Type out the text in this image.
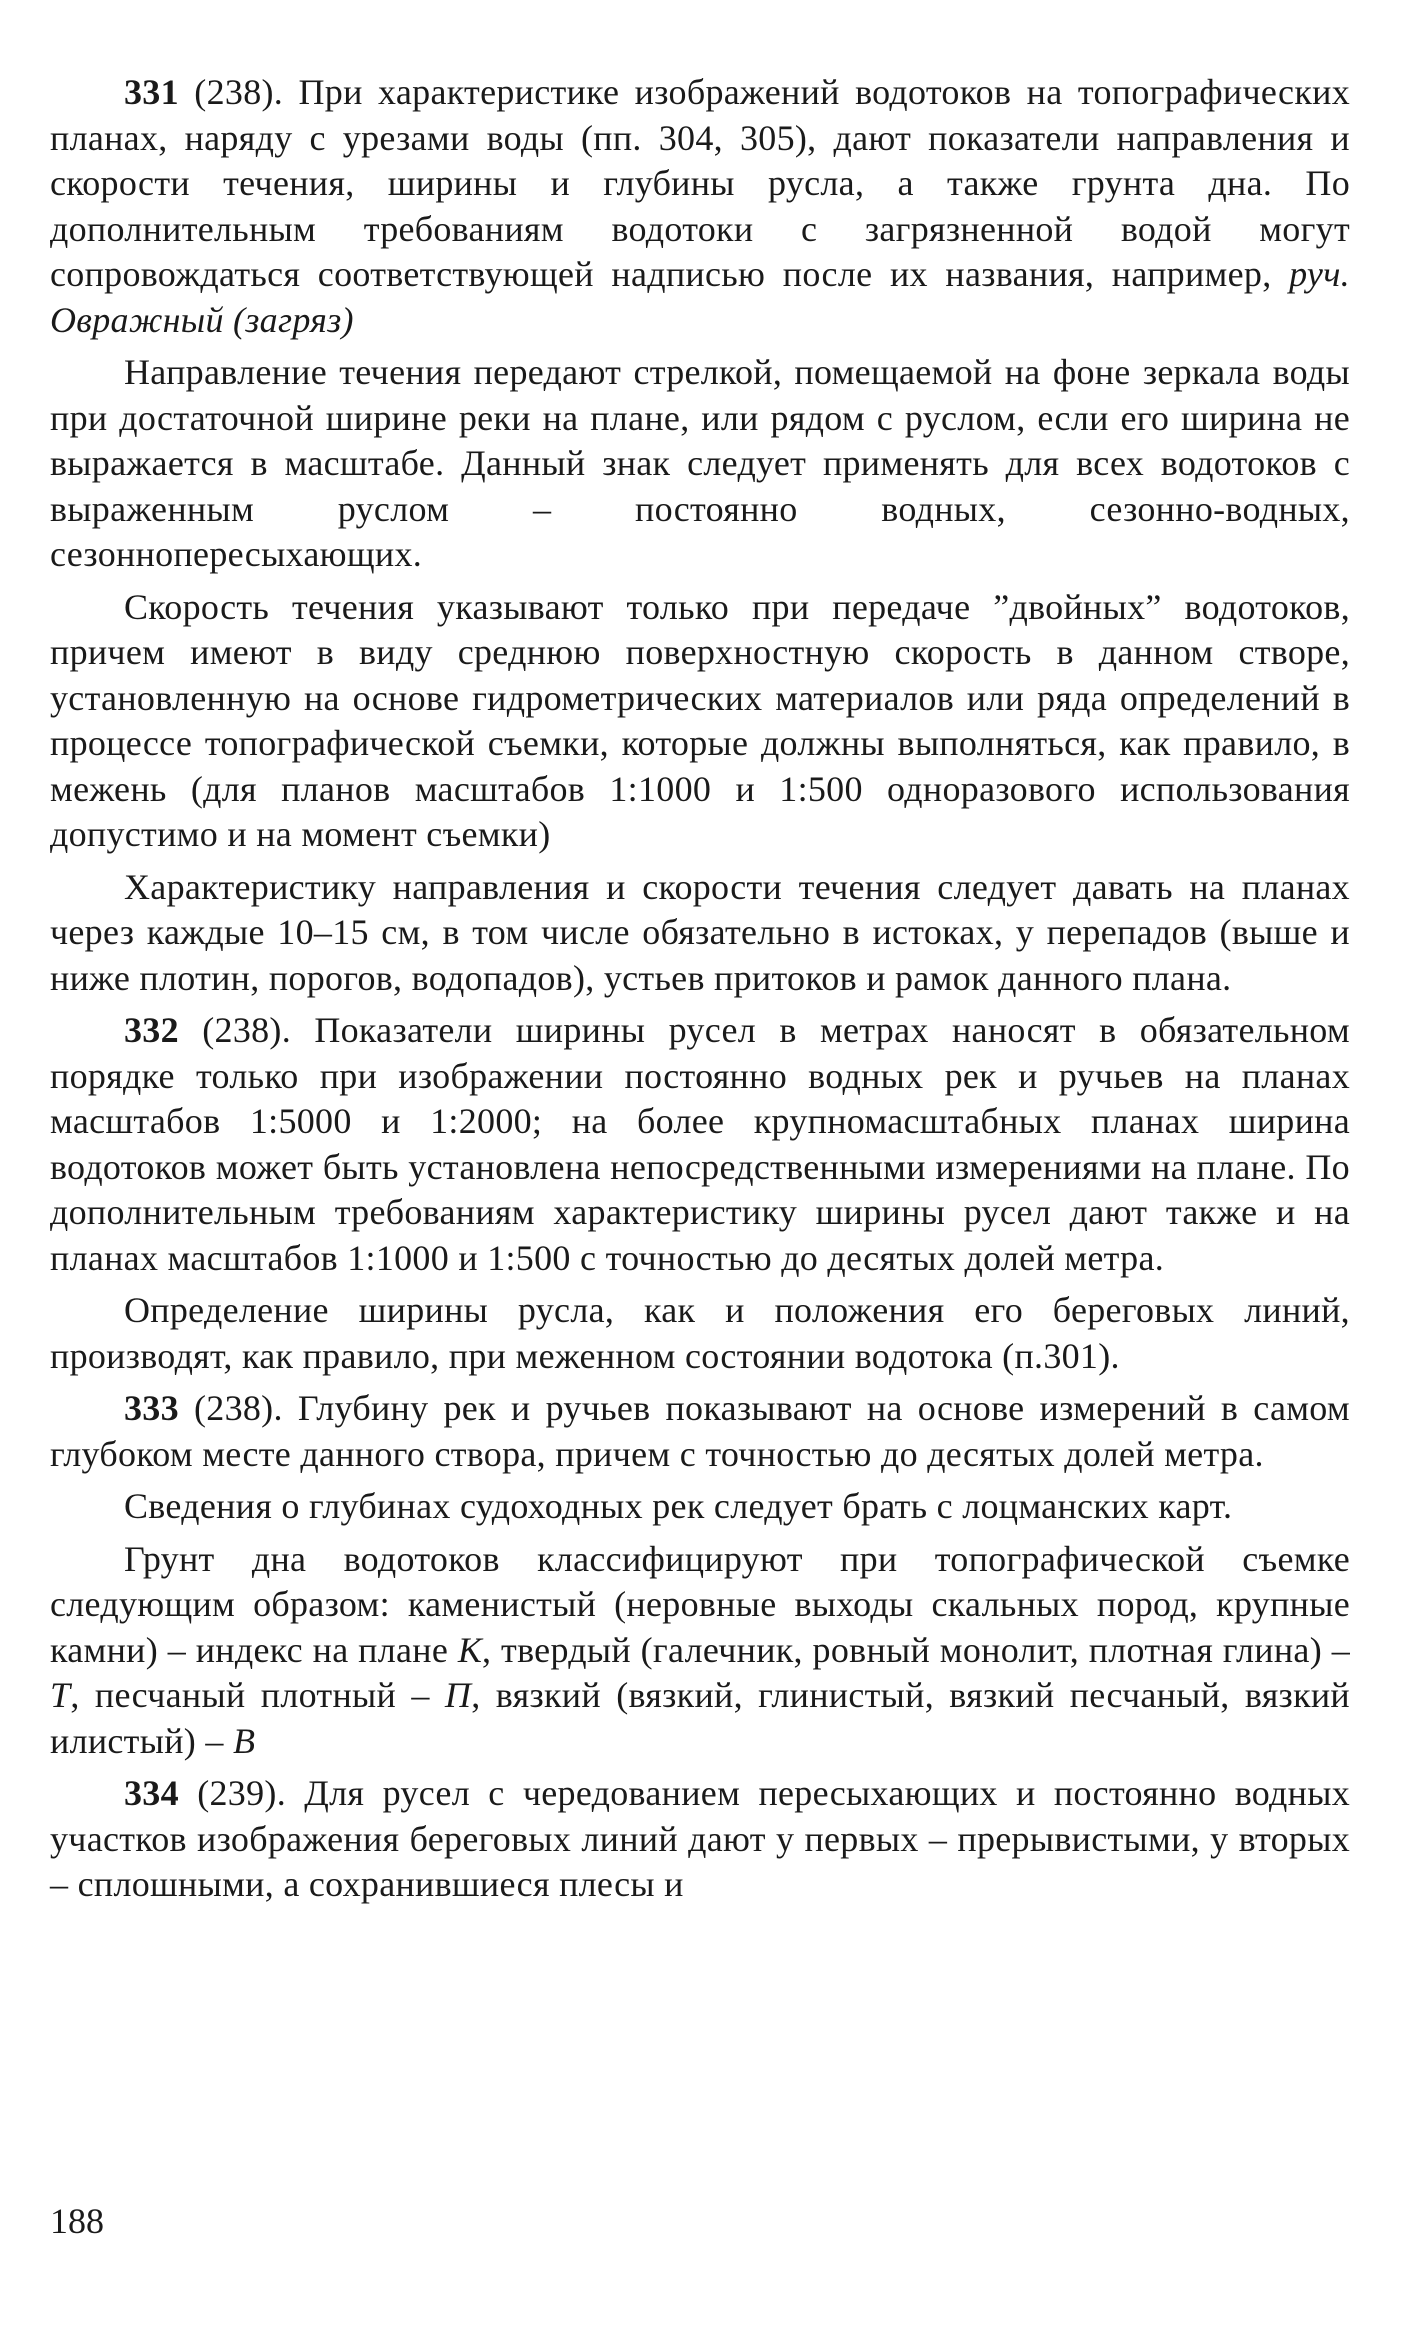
331 (238). При характеристике изображений водотоков на топографических планах, наряду с урезами воды (пп. 304, 305), дают показатели направления и скорости течения, ширины и глубины русла, а также грунта дна. По дополнительным требованиям водотоки с загрязненной водой могут сопровождаться соответствующей надписью после их названия, например, руч. Овражный (загряз)

Направление течения передают стрелкой, помещаемой на фоне зеркала воды при достаточной ширине реки на плане, или рядом с руслом, если его ширина не выражается в масштабе. Данный знак следует применять для всех водотоков с выраженным руслом – постоянно водных, сезонно-водных, сезоннопересыхающих.

Скорость течения указывают только при передаче ”двойных” водотоков, причем имеют в виду среднюю поверхностную скорость в данном створе, установленную на основе гидрометрических материалов или ряда определений в процессе топографической съемки, которые должны выполняться, как правило, в межень (для планов масштабов 1:1000 и 1:500 одноразового использования допустимо и на момент съемки)

Характеристику направления и скорости течения следует давать на планах через каждые 10–15 см, в том числе обязательно в истоках, у перепадов (выше и ниже плотин, порогов, водопадов), устьев притоков и рамок данного плана.

332 (238). Показатели ширины русел в метрах наносят в обязательном порядке только при изображении постоянно водных рек и ручьев на планах масштабов 1:5000 и 1:2000; на более крупномасштабных планах ширина водотоков может быть установлена непосредственными измерениями на плане. По дополнительным требованиям характеристику ширины русел дают также и на планах масштабов 1:1000 и 1:500 с точностью до десятых долей метра.

Определение ширины русла, как и положения его береговых линий, производят, как правило, при меженном состоянии водотока (п.301).

333 (238). Глубину рек и ручьев показывают на основе измерений в самом глубоком месте данного створа, причем с точностью до десятых долей метра.

Сведения о глубинах судоходных рек следует брать с лоцманских карт.

Грунт дна водотоков классифицируют при топографической съемке следующим образом: каменистый (неровные выходы скальных пород, крупные камни) – индекс на плане К, твердый (галечник, ровный монолит, плотная глина) – Т, песчаный плотный – П, вязкий (вязкий, глинистый, вязкий песчаный, вязкий илистый) – В

334 (239). Для русел с чередованием пересыхающих и постоянно водных участков изображения береговых линий дают у первых – прерывистыми, у вторых – сплошными, а сохранившиеся плесы и

188
